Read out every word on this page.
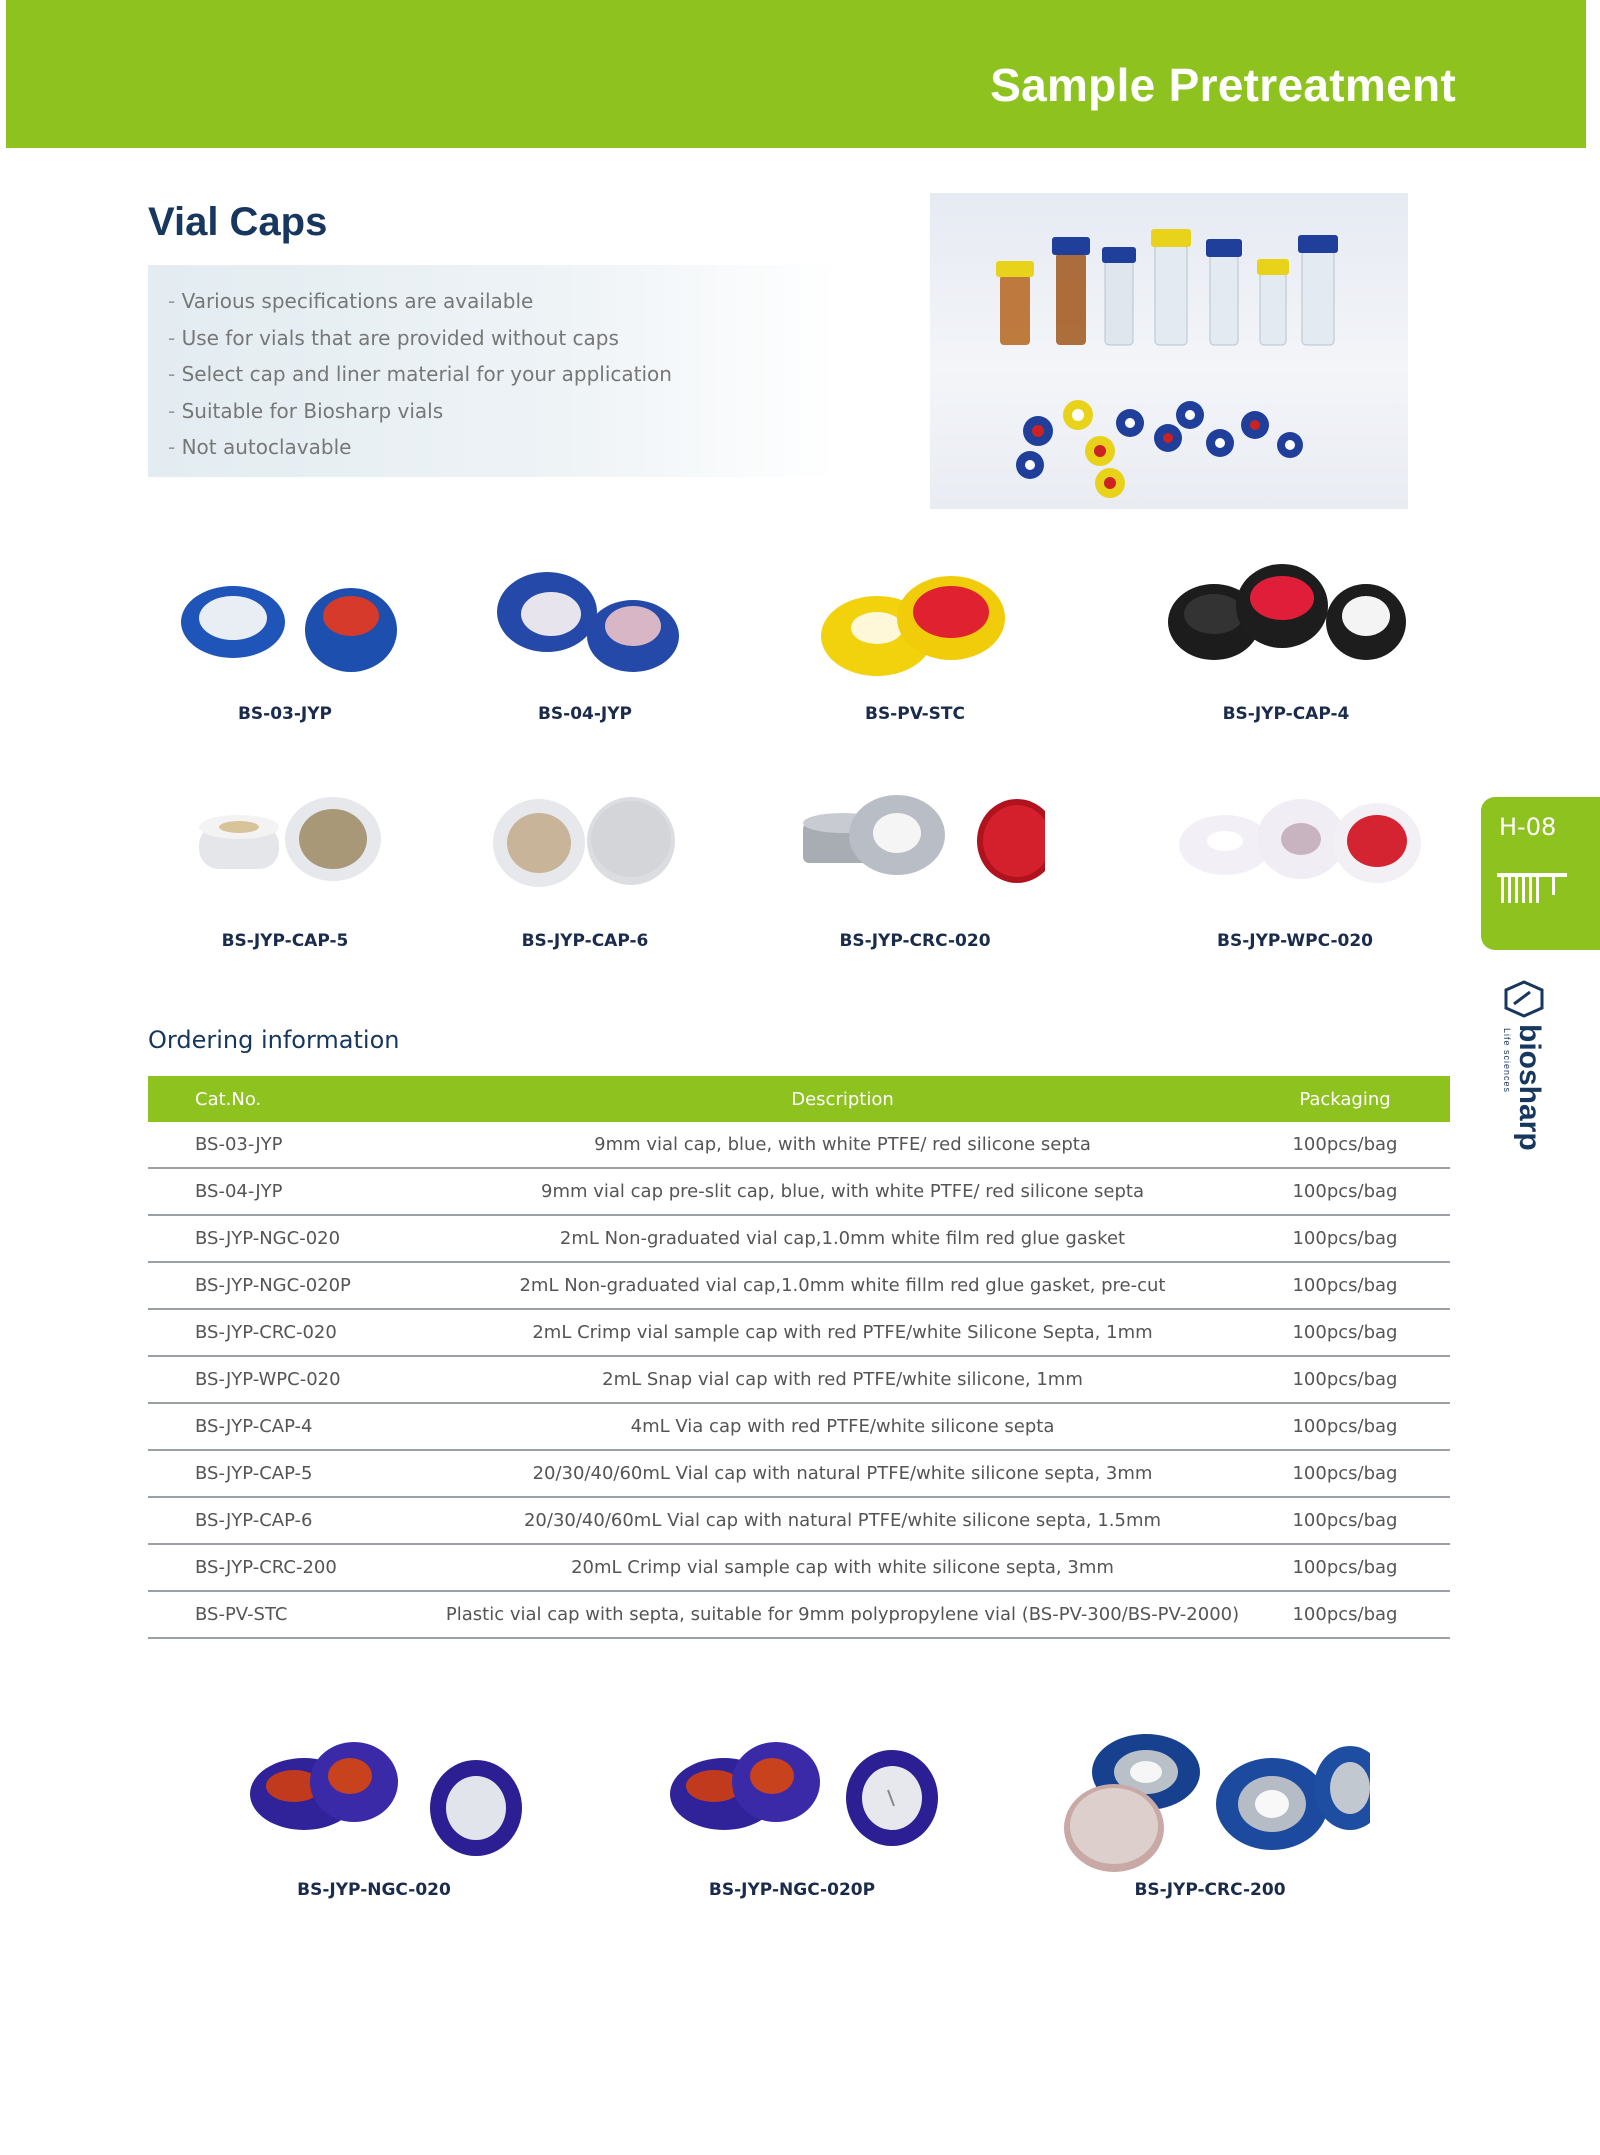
Sample Pretreatment
Vial Caps
- Various specifications are available
- Use for vials that are provided without caps
- Select cap and liner material for your application
- Suitable for Biosharp vials
- Not autoclavable
BS-03-JYP	BS-04-JYP	BS-PV-STC	BS-JYP-CAP-4
BS-JYP-CAP-5	BS-JYP-CAP-6	BS-JYP-CRC-020	BS-JYP-WPC-020
H-08
biosharp
Life sciences
Ordering information
Cat.No.	Description	Packaging
BS-03-JYP	9mm vial cap, blue, with white PTFE/ red silicone septa	100pcs/bag
BS-04-JYP	9mm vial cap pre-slit cap, blue, with white PTFE/ red silicone septa	100pcs/bag
BS-JYP-NGC-020	2mL Non-graduated vial cap,1.0mm white film red glue gasket	100pcs/bag
BS-JYP-NGC-020P	2mL Non-graduated vial cap,1.0mm white fillm red glue gasket, pre-cut	100pcs/bag
BS-JYP-CRC-020	2mL Crimp vial sample cap with red PTFE/white Silicone Septa, 1mm	100pcs/bag
BS-JYP-WPC-020	2mL Snap vial cap with red PTFE/white silicone, 1mm	100pcs/bag
BS-JYP-CAP-4	4mL Via cap with red PTFE/white silicone septa	100pcs/bag
BS-JYP-CAP-5	20/30/40/60mL Vial cap with natural PTFE/white silicone septa, 3mm	100pcs/bag
BS-JYP-CAP-6	20/30/40/60mL Vial cap with natural PTFE/white silicone septa, 1.5mm	100pcs/bag
BS-JYP-CRC-200	20mL Crimp vial sample cap with white silicone septa, 3mm	100pcs/bag
BS-PV-STC	Plastic vial cap with septa, suitable for 9mm polypropylene vial (BS-PV-300/BS-PV-2000)	100pcs/bag
BS-JYP-NGC-020	BS-JYP-NGC-020P	BS-JYP-CRC-200
